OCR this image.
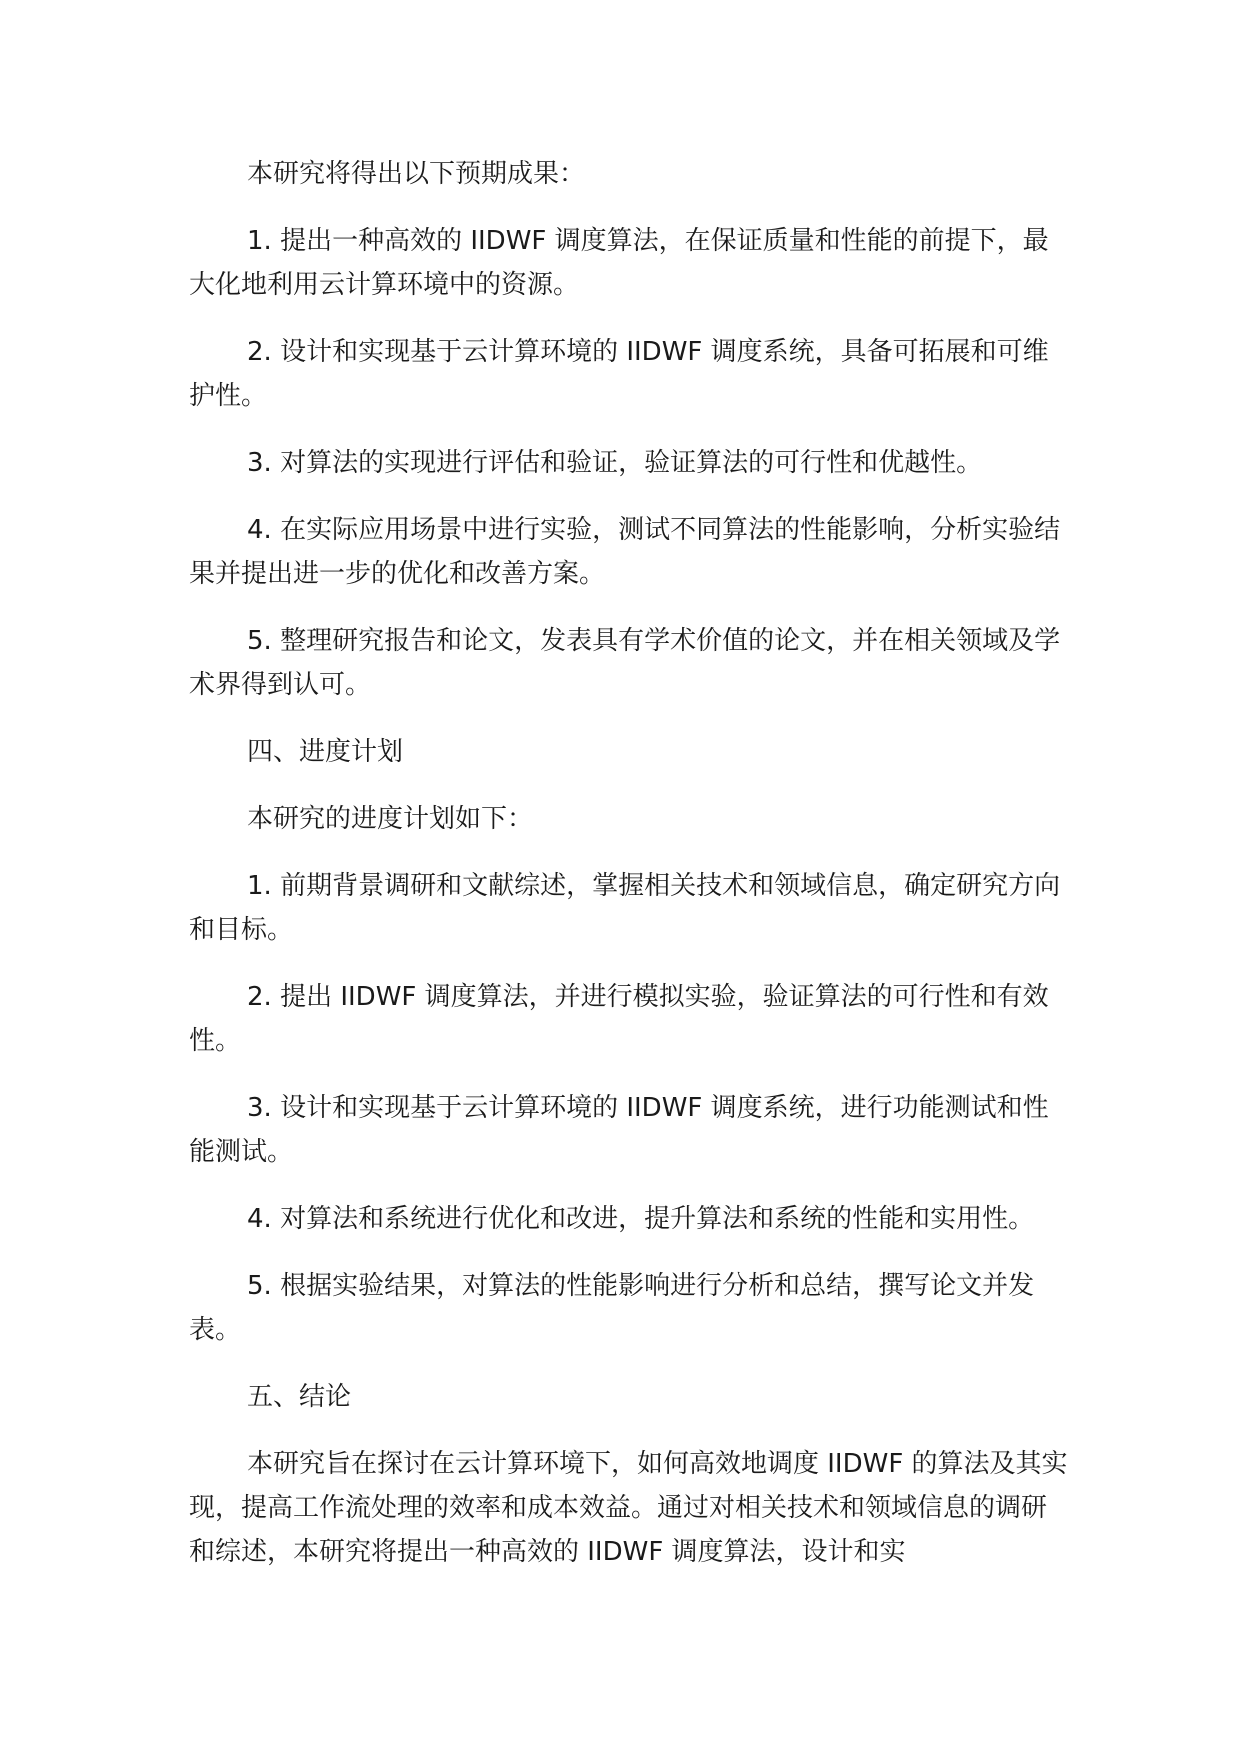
本研究将得出以下预期成果：

1. 提出一种高效的 IIDWF 调度算法，在保证质量和性能的前提下，最大化地利用云计算环境中的资源。

2. 设计和实现基于云计算环境的 IIDWF 调度系统，具备可拓展和可维护性。

3. 对算法的实现进行评估和验证，验证算法的可行性和优越性。

4. 在实际应用场景中进行实验，测试不同算法的性能影响，分析实验结果并提出进一步的优化和改善方案。

5. 整理研究报告和论文，发表具有学术价值的论文，并在相关领域及学术界得到认可。

四、进度计划

本研究的进度计划如下：

1. 前期背景调研和文献综述，掌握相关技术和领域信息，确定研究方向和目标。

2. 提出 IIDWF 调度算法，并进行模拟实验，验证算法的可行性和有效性。

3. 设计和实现基于云计算环境的 IIDWF 调度系统，进行功能测试和性能测试。

4. 对算法和系统进行优化和改进，提升算法和系统的性能和实用性。

5. 根据实验结果，对算法的性能影响进行分析和总结，撰写论文并发表。

五、结论

本研究旨在探讨在云计算环境下，如何高效地调度 IIDWF 的算法及其实现，提高工作流处理的效率和成本效益。通过对相关技术和领域信息的调研和综述，本研究将提出一种高效的 IIDWF 调度算法，设计和实
